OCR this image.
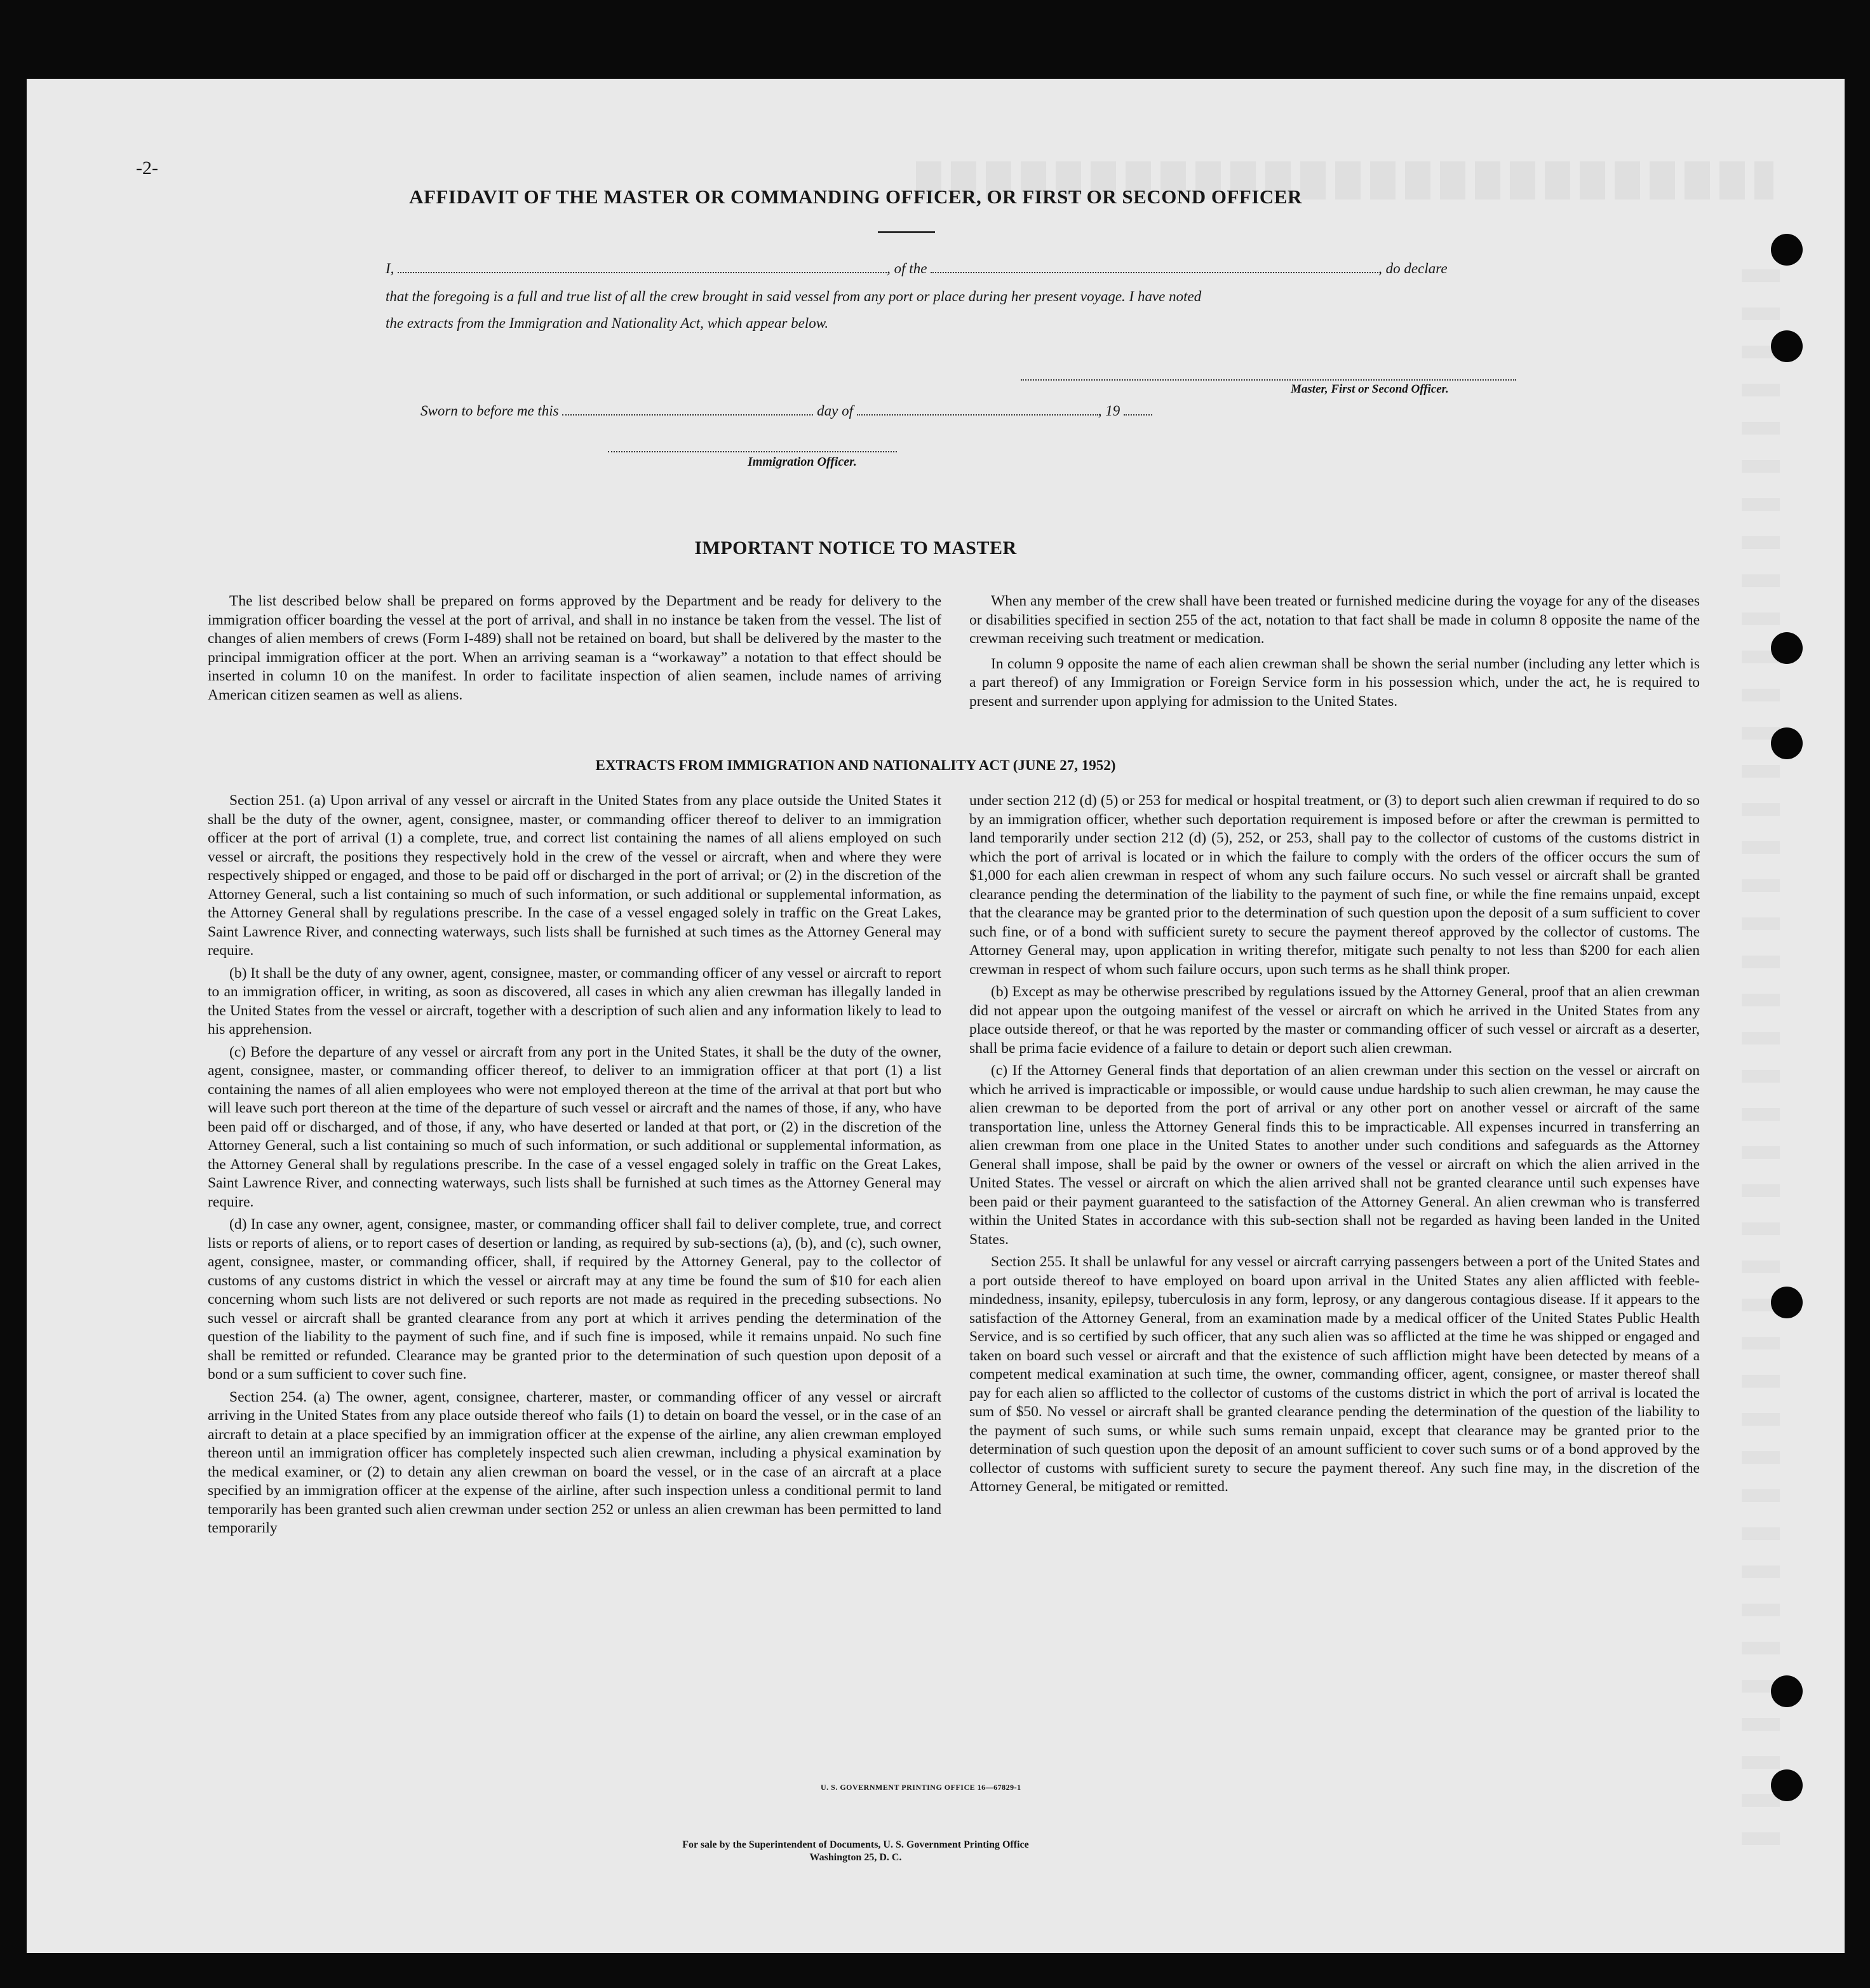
-2-
AFFIDAVIT OF THE MASTER OR COMMANDING OFFICER, OR FIRST OR SECOND OFFICER
I,	, of the	, do declare
that the foregoing is a full and true list of all the crew brought in said vessel from any port or place during her present voyage. I have noted
the extracts from the Immigration and Nationality Act, which appear below.
Master, First or Second Officer.
Sworn to before me this	day of	, 19
Immigration Officer.
IMPORTANT NOTICE TO MASTER

The list described below shall be prepared on forms approved by the Department and be ready for delivery to the immigration officer boarding the vessel at the port of arrival, and shall in no instance be taken from the vessel. The list of changes of alien members of crews (Form I-489) shall not be retained on board, but shall be delivered by the master to the principal immigration officer at the port. When an arriving seaman is a “workaway” a notation to that effect should be inserted in column 10 on the manifest. In order to facilitate inspection of alien seamen, include names of arriving American citizen seamen as well as aliens.

When any member of the crew shall have been treated or furnished medicine during the voyage for any of the diseases or disabilities specified in section 255 of the act, notation to that fact shall be made in column 8 opposite the name of the crewman receiving such treatment or medication.

In column 9 opposite the name of each alien crewman shall be shown the serial number (including any letter which is a part thereof) of any Immigration or Foreign Service form in his possession which, under the act, he is required to present and surrender upon applying for admission to the United States.

EXTRACTS FROM IMMIGRATION AND NATIONALITY ACT (JUNE 27, 1952)

Section 251. (a) Upon arrival of any vessel or aircraft in the United States from any place outside the United States it shall be the duty of the owner, agent, consignee, master, or commanding officer thereof to deliver to an immigration officer at the port of arrival (1) a complete, true, and correct list containing the names of all aliens employed on such vessel or aircraft, the positions they respectively hold in the crew of the vessel or aircraft, when and where they were respectively shipped or engaged, and those to be paid off or discharged in the port of arrival; or (2) in the discretion of the Attorney General, such a list containing so much of such information, or such additional or supplemental information, as the Attorney General shall by regulations prescribe. In the case of a vessel engaged solely in traffic on the Great Lakes, Saint Lawrence River, and connecting waterways, such lists shall be furnished at such times as the Attorney General may require.

(b) It shall be the duty of any owner, agent, consignee, master, or commanding officer of any vessel or aircraft to report to an immigration officer, in writing, as soon as discovered, all cases in which any alien crewman has illegally landed in the United States from the vessel or aircraft, together with a description of such alien and any information likely to lead to his apprehension.

(c) Before the departure of any vessel or aircraft from any port in the United States, it shall be the duty of the owner, agent, consignee, master, or commanding officer thereof, to deliver to an immigration officer at that port (1) a list containing the names of all alien employees who were not employed thereon at the time of the arrival at that port but who will leave such port thereon at the time of the departure of such vessel or aircraft and the names of those, if any, who have been paid off or discharged, and of those, if any, who have deserted or landed at that port, or (2) in the discretion of the Attorney General, such a list containing so much of such information, or such additional or supplemental information, as the Attorney General shall by regulations prescribe. In the case of a vessel engaged solely in traffic on the Great Lakes, Saint Lawrence River, and connecting waterways, such lists shall be furnished at such times as the Attorney General may require.

(d) In case any owner, agent, consignee, master, or commanding officer shall fail to deliver complete, true, and correct lists or reports of aliens, or to report cases of desertion or landing, as required by sub-sections (a), (b), and (c), such owner, agent, consignee, master, or commanding officer, shall, if required by the Attorney General, pay to the collector of customs of any customs district in which the vessel or aircraft may at any time be found the sum of $10 for each alien concerning whom such lists are not delivered or such reports are not made as required in the preceding subsections. No such vessel or aircraft shall be granted clearance from any port at which it arrives pending the determination of the question of the liability to the payment of such fine, and if such fine is imposed, while it remains unpaid. No such fine shall be remitted or refunded. Clearance may be granted prior to the determination of such question upon deposit of a bond or a sum sufficient to cover such fine.

Section 254. (a) The owner, agent, consignee, charterer, master, or commanding officer of any vessel or aircraft arriving in the United States from any place outside thereof who fails (1) to detain on board the vessel, or in the case of an aircraft to detain at a place specified by an immigration officer at the expense of the airline, any alien crewman employed thereon until an immigration officer has completely inspected such alien crewman, including a physical examination by the medical examiner, or (2) to detain any alien crewman on board the vessel, or in the case of an aircraft at a place specified by an immigration officer at the expense of the airline, after such inspection unless a conditional permit to land temporarily has been granted such alien crewman under section 252 or unless an alien crewman has been permitted to land temporarily

under section 212 (d) (5) or 253 for medical or hospital treatment, or (3) to deport such alien crewman if required to do so by an immigration officer, whether such deportation requirement is imposed before or after the crewman is permitted to land temporarily under section 212 (d) (5), 252, or 253, shall pay to the collector of customs of the customs district in which the port of arrival is located or in which the failure to comply with the orders of the officer occurs the sum of $1,000 for each alien crewman in respect of whom any such failure occurs. No such vessel or aircraft shall be granted clearance pending the determination of the liability to the payment of such fine, or while the fine remains unpaid, except that the clearance may be granted prior to the determination of such question upon the deposit of a sum sufficient to cover such fine, or of a bond with sufficient surety to secure the payment thereof approved by the collector of customs. The Attorney General may, upon application in writing therefor, mitigate such penalty to not less than $200 for each alien crewman in respect of whom such failure occurs, upon such terms as he shall think proper.

(b) Except as may be otherwise prescribed by regulations issued by the Attorney General, proof that an alien crewman did not appear upon the outgoing manifest of the vessel or aircraft on which he arrived in the United States from any place outside thereof, or that he was reported by the master or commanding officer of such vessel or aircraft as a deserter, shall be prima facie evidence of a failure to detain or deport such alien crewman.

(c) If the Attorney General finds that deportation of an alien crewman under this section on the vessel or aircraft on which he arrived is impracticable or impossible, or would cause undue hardship to such alien crewman, he may cause the alien crewman to be deported from the port of arrival or any other port on another vessel or aircraft of the same transportation line, unless the Attorney General finds this to be impracticable. All expenses incurred in transferring an alien crewman from one place in the United States to another under such conditions and safeguards as the Attorney General shall impose, shall be paid by the owner or owners of the vessel or aircraft on which the alien arrived in the United States. The vessel or aircraft on which the alien arrived shall not be granted clearance until such expenses have been paid or their payment guaranteed to the satisfaction of the Attorney General. An alien crewman who is transferred within the United States in accordance with this sub-section shall not be regarded as having been landed in the United States.

Section 255. It shall be unlawful for any vessel or aircraft carrying passengers between a port of the United States and a port outside thereof to have employed on board upon arrival in the United States any alien afflicted with feeble-mindedness, insanity, epilepsy, tuberculosis in any form, leprosy, or any dangerous contagious disease. If it appears to the satisfaction of the Attorney General, from an examination made by a medical officer of the United States Public Health Service, and is so certified by such officer, that any such alien was so afflicted at the time he was shipped or engaged and taken on board such vessel or aircraft and that the existence of such affliction might have been detected by means of a competent medical examination at such time, the owner, commanding officer, agent, consignee, or master thereof shall pay for each alien so afflicted to the collector of customs of the customs district in which the port of arrival is located the sum of $50. No vessel or aircraft shall be granted clearance pending the determination of the question of the liability to the payment of such sums, or while such sums remain unpaid, except that clearance may be granted prior to the determination of such question upon the deposit of an amount sufficient to cover such sums or of a bond approved by the collector of customs with sufficient surety to secure the payment thereof. Any such fine may, in the discretion of the Attorney General, be mitigated or remitted.

U. S. GOVERNMENT PRINTING OFFICE 16—67829-1
For sale by the Superintendent of Documents, U. S. Government Printing Office
Washington 25, D. C.
